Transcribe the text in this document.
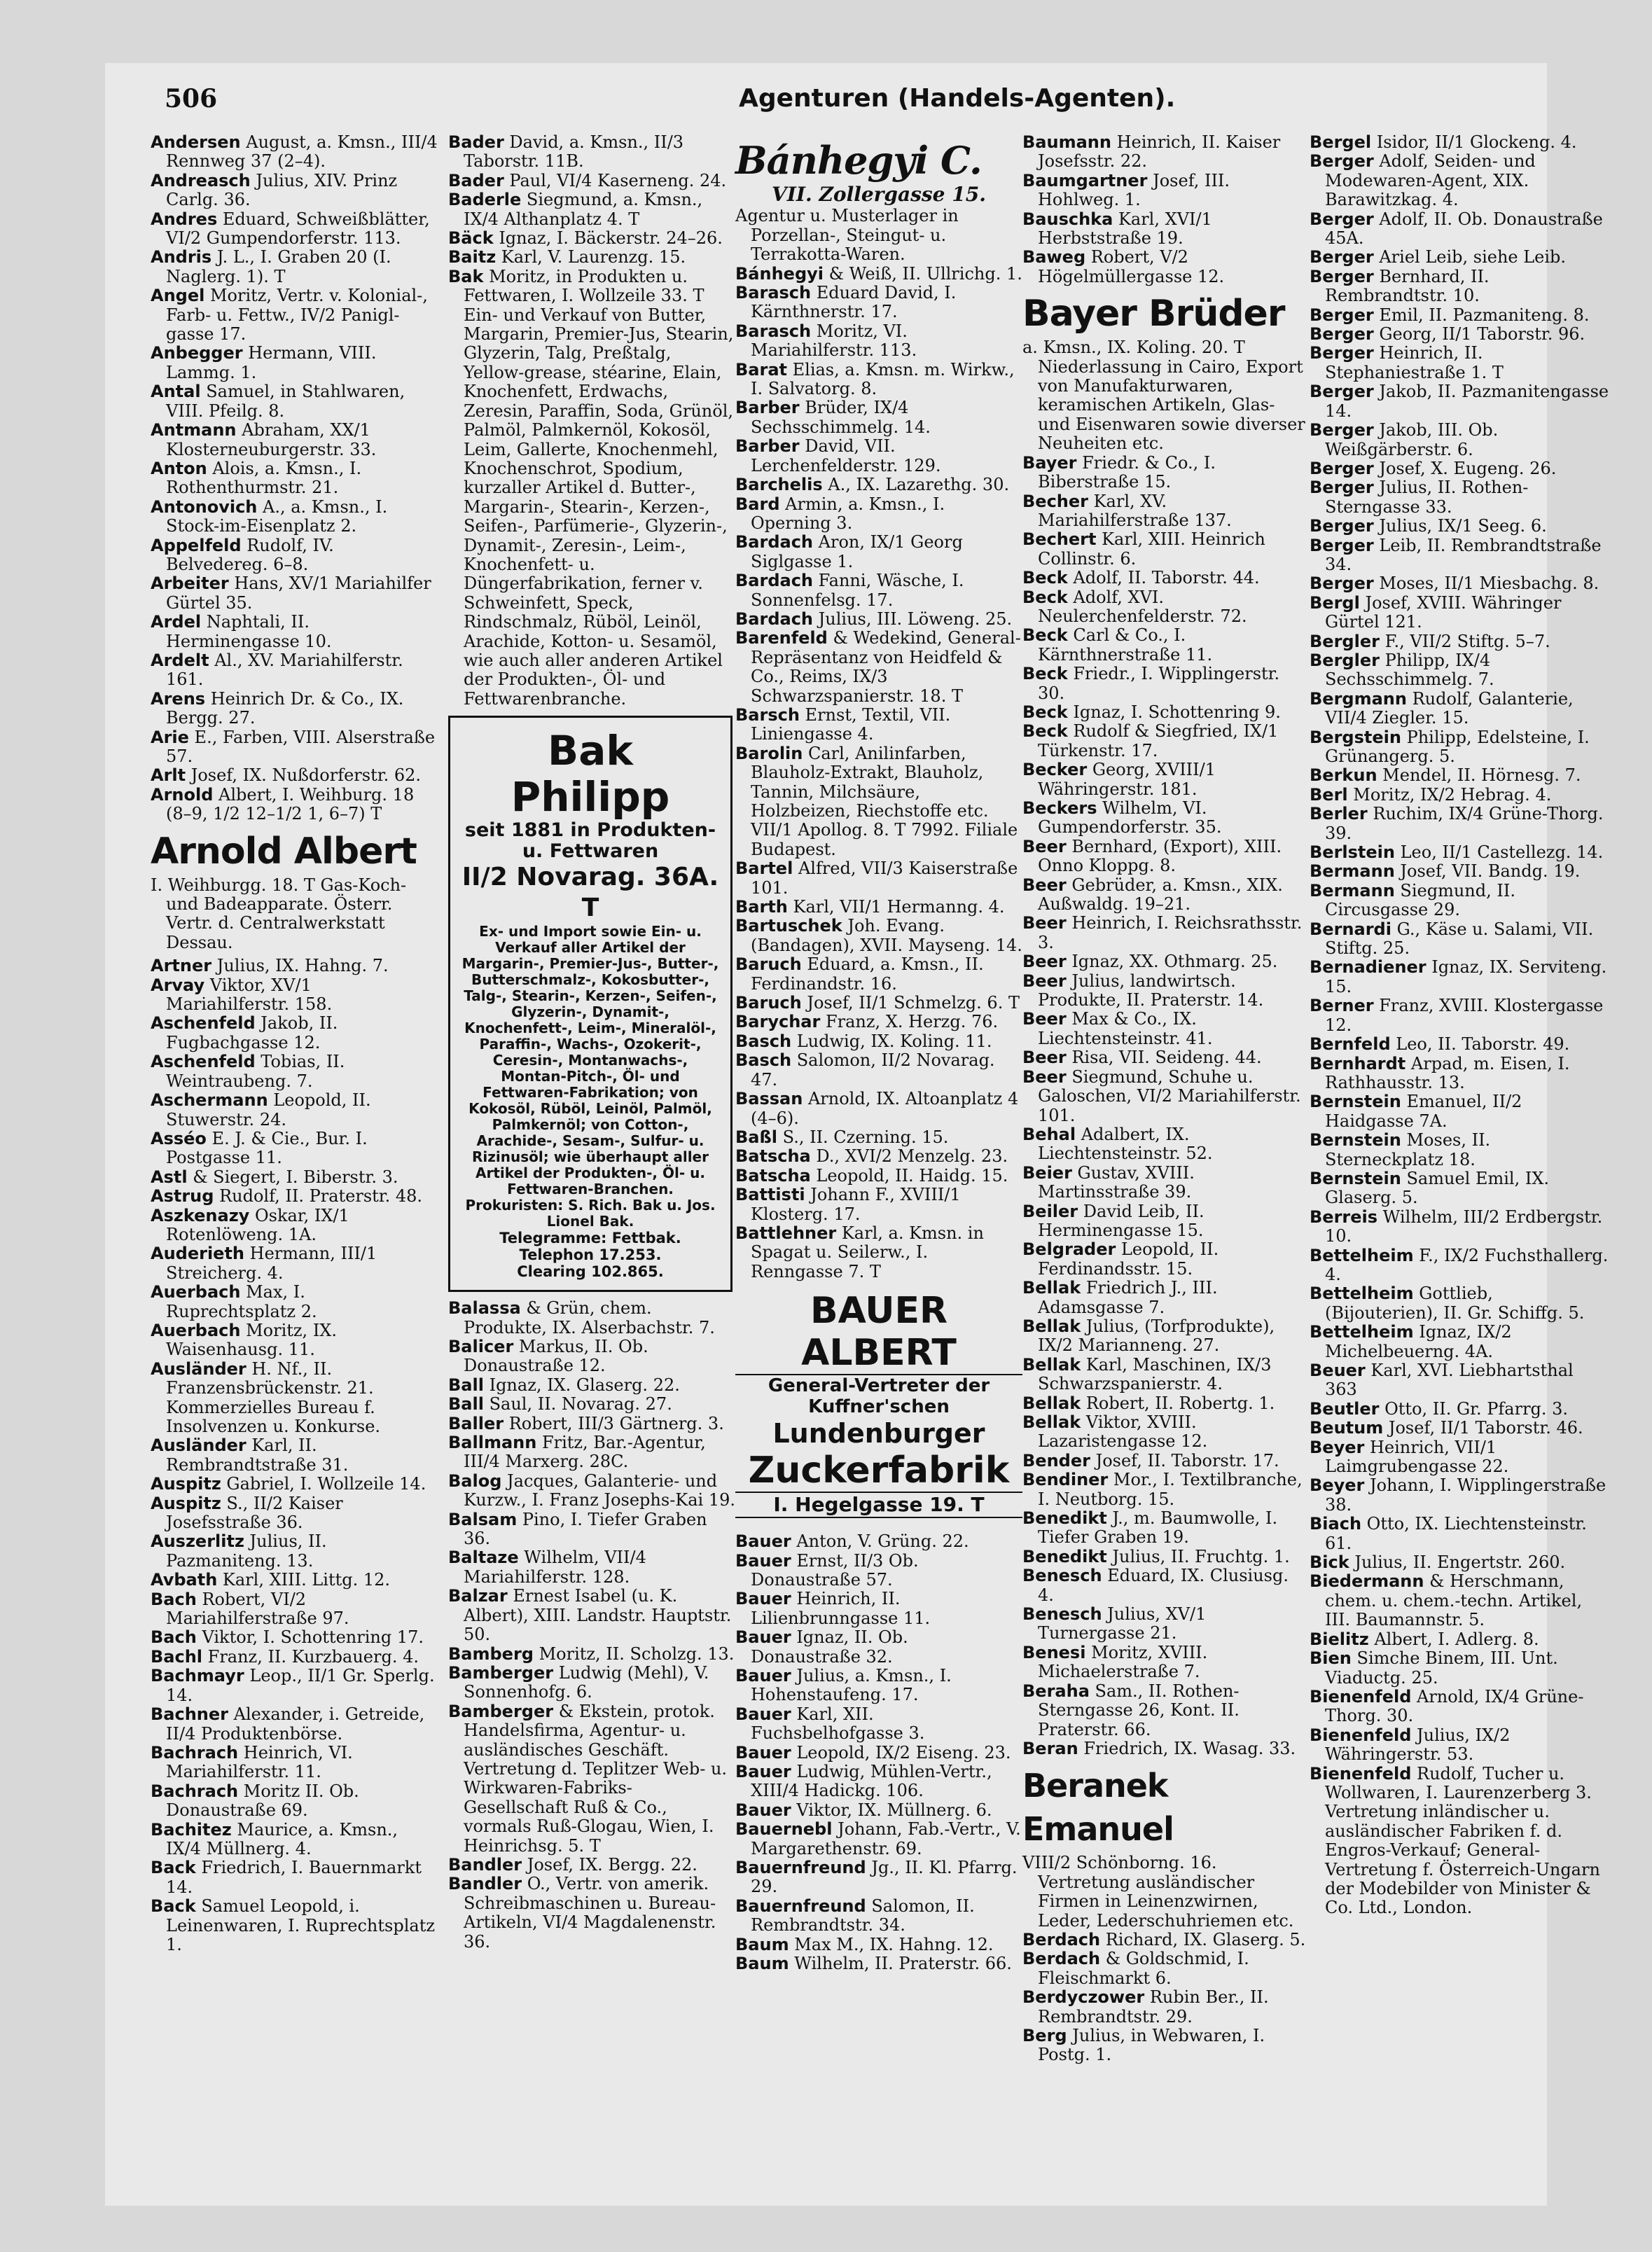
506	Agenturen (Handels-Agenten).

Andersen August, a. Kmsn., III/4 Rennweg 37 (2–4).

Andreasch Julius, XIV. Prinz Carlg. 36.

Andres Eduard, Schweißblätter, VI/2 Gumpendorferstr. 113.

Andris J. L., I. Graben 20 (I. Naglerg. 1). T

Angel Moritz, Vertr. v. Kolonial-, Farb- u. Fettw., IV/2 Panigl-gasse 17.

Anbegger Hermann, VIII. Lammg. 1.

Antal Samuel, in Stahlwaren, VIII. Pfeilg. 8.

Antmann Abraham, XX/1 Klosterneuburgerstr. 33.

Anton Alois, a. Kmsn., I. Rothenthurmstr. 21.

Antonovich A., a. Kmsn., I. Stock-im-Eisenplatz 2.

Appelfeld Rudolf, IV. Belvedereg. 6–8.

Arbeiter Hans, XV/1 Mariahilfer Gürtel 35.

Ardel Naphtali, II. Herminengasse 10.

Ardelt Al., XV. Mariahilferstr. 161.

Arens Heinrich Dr. & Co., IX. Bergg. 27.

Arie E., Farben, VIII. Alserstraße 57.

Arlt Josef, IX. Nußdorferstr. 62.

Arnold Albert, I. Weihburg. 18 (8–9, 1/2 12–1/2 1, 6–7) T

Arnold Albert

I. Weihburgg. 18. T Gas-Koch- und Badeapparate. Österr. Vertr. d. Centralwerkstatt Dessau.

Artner Julius, IX. Hahng. 7.

Arvay Viktor, XV/1 Mariahilferstr. 158.

Aschenfeld Jakob, II. Fugbachgasse 12.

Aschenfeld Tobias, II. Weintraubeng. 7.

Aschermann Leopold, II. Stuwerstr. 24.

Asséo E. J. & Cie., Bur. I. Postgasse 11.

Astl & Siegert, I. Biberstr. 3.

Astrug Rudolf, II. Praterstr. 48.

Aszkenazy Oskar, IX/1 Rotenlöweng. 1A.

Auderieth Hermann, III/1 Streicherg. 4.

Auerbach Max, I. Ruprechtsplatz 2.

Auerbach Moritz, IX. Waisenhausg. 11.

Ausländer H. Nf., II. Franzensbrückenstr. 21. Kommerzielles Bureau f. Insolvenzen u. Konkurse.

Ausländer Karl, II. Rembrandtstraße 31.

Auspitz Gabriel, I. Wollzeile 14.

Auspitz S., II/2 Kaiser Josefsstraße 36.

Auszerlitz Julius, II. Pazmaniteng. 13.

Avbath Karl, XIII. Littg. 12.

Bach Robert, VI/2 Mariahilferstraße 97.

Bach Viktor, I. Schottenring 17.

Bachl Franz, II. Kurzbauerg. 4.

Bachmayr Leop., II/1 Gr. Sperlg. 14.

Bachner Alexander, i. Getreide, II/4 Produktenbörse.

Bachrach Heinrich, VI. Mariahilferstr. 11.

Bachrach Moritz II. Ob. Donaustraße 69.

Bachitez Maurice, a. Kmsn., IX/4 Müllnerg. 4.

Back Friedrich, I. Bauernmarkt 14.

Back Samuel Leopold, i. Leinenwaren, I. Ruprechtsplatz 1.

Bader David, a. Kmsn., II/3 Taborstr. 11B.

Bader Paul, VI/4 Kaserneng. 24.

Baderle Siegmund, a. Kmsn., IX/4 Althanplatz 4. T

Bäck Ignaz, I. Bäckerstr. 24–26.

Baitz Karl, V. Laurenzg. 15.

Bak Moritz, in Produkten u. Fettwaren, I. Wollzeile 33. T Ein- und Verkauf von Butter, Margarin, Premier-Jus, Stearin, Glyzerin, Talg, Preßtalg, Yellow-grease, stéarine, Elain, Knochenfett, Erdwachs, Zeresin, Paraffin, Soda, Grünöl, Palmöl, Palmkernöl, Kokosöl, Leim, Gallerte, Knochenmehl, Knochenschrot, Spodium, kurzaller Artikel d. Butter-, Margarin-, Stearin-, Kerzen-, Seifen-, Parfümerie-, Glyzerin-, Dynamit-, Zeresin-, Leim-, Knochenfett- u. Düngerfabrikation, ferner v. Schweinfett, Speck, Rindschmalz, Rüböl, Leinöl, Arachide, Kotton- u. Sesamöl, wie auch aller anderen Artikel der Produkten-, Öl- und Fettwarenbranche.

Bak Philipp
seit 1881 in Produkten- u. Fettwaren
II/2 Novarag. 36A. T
Ex- und Import sowie Ein- u. Verkauf aller Artikel der Margarin-, Premier-Jus-, Butter-, Butterschmalz-, Kokosbutter-, Talg-, Stearin-, Kerzen-, Seifen-, Glyzerin-, Dynamit-, Knochenfett-, Leim-, Mineralöl-, Paraffin-, Wachs-, Ozokerit-, Ceresin-, Montanwachs-, Montan-Pitch-, Öl- und Fettwaren-Fabrikation; von Kokosöl, Rüböl, Leinöl, Palmöl, Palmkernöl; von Cotton-, Arachide-, Sesam-, Sulfur- u. Rizinusöl; wie überhaupt aller Artikel der Produkten-, Öl- u. Fettwaren-Branchen. Prokuristen: S. Rich. Bak u. Jos. Lionel Bak.
Telegramme: Fettbak.
Telephon 17.253.
Clearing 102.865.

Balassa & Grün, chem. Produkte, IX. Alserbachstr. 7.

Balicer Markus, II. Ob. Donaustraße 12.

Ball Ignaz, IX. Glaserg. 22.

Ball Saul, II. Novarag. 27.

Baller Robert, III/3 Gärtnerg. 3.

Ballmann Fritz, Bar.-Agentur, III/4 Marxerg. 28C.

Balog Jacques, Galanterie- und Kurzw., I. Franz Josephs-Kai 19.

Balsam Pino, I. Tiefer Graben 36.

Baltaze Wilhelm, VII/4 Mariahilferstr. 128.

Balzar Ernest Isabel (u. K. Albert), XIII. Landstr. Hauptstr. 50.

Bamberg Moritz, II. Scholzg. 13.

Bamberger Ludwig (Mehl), V. Sonnenhofg. 6.

Bamberger & Ekstein, protok. Handelsfirma, Agentur- u. ausländisches Geschäft. Vertretung d. Teplitzer Web- u. Wirkwaren-Fabriks-Gesellschaft Ruß & Co., vormals Ruß-Glogau, Wien, I. Heinrichsg. 5. T

Bandler Josef, IX. Bergg. 22.

Bandler O., Vertr. von amerik. Schreibmaschinen u. Bureau-Artikeln, VI/4 Magdalenenstr. 36.

Bánhegyi C.
VII. Zollergasse 15.

Agentur u. Musterlager in Porzellan-, Steingut- u. Terrakotta-Waren.

Bánhegyi & Weiß, II. Ullrichg. 1.

Barasch Eduard David, I. Kärnthnerstr. 17.

Barasch Moritz, VI. Mariahilferstr. 113.

Barat Elias, a. Kmsn. m. Wirkw., I. Salvatorg. 8.

Barber Brüder, IX/4 Sechsschimmelg. 14.

Barber David, VII. Lerchenfelderstr. 129.

Barchelis A., IX. Lazarethg. 30.

Bard Armin, a. Kmsn., I. Operning 3.

Bardach Aron, IX/1 Georg Siglgasse 1.

Bardach Fanni, Wäsche, I. Sonnenfelsg. 17.

Bardach Julius, III. Löweng. 25.

Barenfeld & Wedekind, General-Repräsentanz von Heidfeld & Co., Reims, IX/3 Schwarzspanierstr. 18. T

Barsch Ernst, Textil, VII. Liniengasse 4.

Barolin Carl, Anilinfarben, Blauholz-Extrakt, Blauholz, Tannin, Milchsäure, Holzbeizen, Riechstoffe etc. VII/1 Apollog. 8. T 7992. Filiale Budapest.

Bartel Alfred, VII/3 Kaiserstraße 101.

Barth Karl, VII/1 Hermanng. 4.

Bartuschek Joh. Evang. (Bandagen), XVII. Mayseng. 14.

Baruch Eduard, a. Kmsn., II. Ferdinandstr. 16.

Baruch Josef, II/1 Schmelzg. 6. T

Barychar Franz, X. Herzg. 76.

Basch Ludwig, IX. Koling. 11.

Basch Salomon, II/2 Novarag. 47.

Bassan Arnold, IX. Altoanplatz 4 (4–6).

Baßl S., II. Czerning. 15.

Batscha D., XVI/2 Menzelg. 23.

Batscha Leopold, II. Haidg. 15.

Battisti Johann F., XVIII/1 Klosterg. 17.

Battlehner Karl, a. Kmsn. in Spagat u. Seilerw., I. Renngasse 7. T

BAUER ALBERT
General-Vertreter der Kuffner'schen
Lundenburger
Zuckerfabrik
I. Hegelgasse 19. T

Bauer Anton, V. Grüng. 22.

Bauer Ernst, II/3 Ob. Donaustraße 57.

Bauer Heinrich, II. Lilienbrunngasse 11.

Bauer Ignaz, II. Ob. Donaustraße 32.

Bauer Julius, a. Kmsn., I. Hohenstaufeng. 17.

Bauer Karl, XII. Fuchsbelhofgasse 3.

Bauer Leopold, IX/2 Eiseng. 23.

Bauer Ludwig, Mühlen-Vertr., XIII/4 Hadickg. 106.

Bauer Viktor, IX. Müllnerg. 6.

Bauernebl Johann, Fab.-Vertr., V. Margarethenstr. 69.

Bauernfreund Jg., II. Kl. Pfarrg. 29.

Bauernfreund Salomon, II. Rembrandtstr. 34.

Baum Max M., IX. Hahng. 12.

Baum Wilhelm, II. Praterstr. 66.

Baumann Heinrich, II. Kaiser Josefsstr. 22.

Baumgartner Josef, III. Hohlweg. 1.

Bauschka Karl, XVI/1 Herbststraße 19.

Baweg Robert, V/2 Högelmüllergasse 12.

Bayer Brüder

a. Kmsn., IX. Koling. 20. T Niederlassung in Cairo, Export von Manufakturwaren, keramischen Artikeln, Glas- und Eisenwaren sowie diverser Neuheiten etc.

Bayer Friedr. & Co., I. Biberstraße 15.

Becher Karl, XV. Mariahilferstraße 137.

Bechert Karl, XIII. Heinrich Collinstr. 6.

Beck Adolf, II. Taborstr. 44.

Beck Adolf, XVI. Neulerchenfelderstr. 72.

Beck Carl & Co., I. Kärnthnerstraße 11.

Beck Friedr., I. Wipplingerstr. 30.

Beck Ignaz, I. Schottenring 9.

Beck Rudolf & Siegfried, IX/1 Türkenstr. 17.

Becker Georg, XVIII/1 Währingerstr. 181.

Beckers Wilhelm, VI. Gumpendorferstr. 35.

Beer Bernhard, (Export), XIII. Onno Kloppg. 8.

Beer Gebrüder, a. Kmsn., XIX. Außwaldg. 19–21.

Beer Heinrich, I. Reichsrathsstr. 3.

Beer Ignaz, XX. Othmarg. 25.

Beer Julius, landwirtsch. Produkte, II. Praterstr. 14.

Beer Max & Co., IX. Liechtensteinstr. 41.

Beer Risa, VII. Seideng. 44.

Beer Siegmund, Schuhe u. Galoschen, VI/2 Mariahilferstr. 101.

Behal Adalbert, IX. Liechtensteinstr. 52.

Beier Gustav, XVIII. Martinsstraße 39.

Beiler David Leib, II. Herminengasse 15.

Belgrader Leopold, II. Ferdinandsstr. 15.

Bellak Friedrich J., III. Adamsgasse 7.

Bellak Julius, (Torfprodukte), IX/2 Marianneng. 27.

Bellak Karl, Maschinen, IX/3 Schwarzspanierstr. 4.

Bellak Robert, II. Robertg. 1.

Bellak Viktor, XVIII. Lazaristengasse 12.

Bender Josef, II. Taborstr. 17.

Bendiner Mor., I. Textilbranche, I. Neutborg. 15.

Benedikt J., m. Baumwolle, I. Tiefer Graben 19.

Benedikt Julius, II. Fruchtg. 1.

Benesch Eduard, IX. Clusiusg. 4.

Benesch Julius, XV/1 Turnergasse 21.

Benesi Moritz, XVIII. Michaelerstraße 7.

Beraha Sam., II. Rothen-Sterngasse 26, Kont. II. Praterstr. 66.

Beran Friedrich, IX. Wasag. 33.

Beranek Emanuel

VIII/2 Schönborng. 16. Vertretung ausländischer Firmen in Leinenzwirnen, Leder, Lederschuhriemen etc.

Berdach Richard, IX. Glaserg. 5.

Berdach & Goldschmid, I. Fleischmarkt 6.

Berdyczower Rubin Ber., II. Rembrandtstr. 29.

Berg Julius, in Webwaren, I. Postg. 1.

Bergel Isidor, II/1 Glockeng. 4.

Berger Adolf, Seiden- und Modewaren-Agent, XIX. Barawitzkag. 4.

Berger Adolf, II. Ob. Donaustraße 45A.

Berger Ariel Leib, siehe Leib.

Berger Bernhard, II. Rembrandtstr. 10.

Berger Emil, II. Pazmaniteng. 8.

Berger Georg, II/1 Taborstr. 96.

Berger Heinrich, II. Stephaniestraße 1. T

Berger Jakob, II. Pazmanitengasse 14.

Berger Jakob, III. Ob. Weißgärberstr. 6.

Berger Josef, X. Eugeng. 26.

Berger Julius, II. Rothen-Sterngasse 33.

Berger Julius, IX/1 Seeg. 6.

Berger Leib, II. Rembrandtstraße 34.

Berger Moses, II/1 Miesbachg. 8.

Bergl Josef, XVIII. Währinger Gürtel 121.

Bergler F., VII/2 Stiftg. 5–7.

Bergler Philipp, IX/4 Sechsschimmelg. 7.

Bergmann Rudolf, Galanterie, VII/4 Ziegler. 15.

Bergstein Philipp, Edelsteine, I. Grünangerg. 5.

Berkun Mendel, II. Hörnesg. 7.

Berl Moritz, IX/2 Hebrag. 4.

Berler Ruchim, IX/4 Grüne-Thorg. 39.

Berlstein Leo, II/1 Castellezg. 14.

Bermann Josef, VII. Bandg. 19.

Bermann Siegmund, II. Circusgasse 29.

Bernardi G., Käse u. Salami, VII. Stiftg. 25.

Bernadiener Ignaz, IX. Serviteng. 15.

Berner Franz, XVIII. Klostergasse 12.

Bernfeld Leo, II. Taborstr. 49.

Bernhardt Arpad, m. Eisen, I. Rathhausstr. 13.

Bernstein Emanuel, II/2 Haidgasse 7A.

Bernstein Moses, II. Sterneckplatz 18.

Bernstein Samuel Emil, IX. Glaserg. 5.

Berreis Wilhelm, III/2 Erdbergstr. 10.

Bettelheim F., IX/2 Fuchsthallerg. 4.

Bettelheim Gottlieb, (Bijouterien), II. Gr. Schiffg. 5.

Bettelheim Ignaz, IX/2 Michelbeuerng. 4A.

Beuer Karl, XVI. Liebhartsthal 363

Beutler Otto, II. Gr. Pfarrg. 3.

Beutum Josef, II/1 Taborstr. 46.

Beyer Heinrich, VII/1 Laimgrubengasse 22.

Beyer Johann, I. Wipplingerstraße 38.

Biach Otto, IX. Liechtensteinstr. 61.

Bick Julius, II. Engertstr. 260.

Biedermann & Herschmann, chem. u. chem.-techn. Artikel, III. Baumannstr. 5.

Bielitz Albert, I. Adlerg. 8.

Bien Simche Binem, III. Unt. Viaductg. 25.

Bienenfeld Arnold, IX/4 Grüne-Thorg. 30.

Bienenfeld Julius, IX/2 Währingerstr. 53.

Bienenfeld Rudolf, Tucher u. Wollwaren, I. Laurenzerberg 3. Vertretung inländischer u. ausländischer Fabriken f. d. Engros-Verkauf; General-Vertretung f. Österreich-Ungarn der Modebilder von Minister & Co. Ltd., London.
